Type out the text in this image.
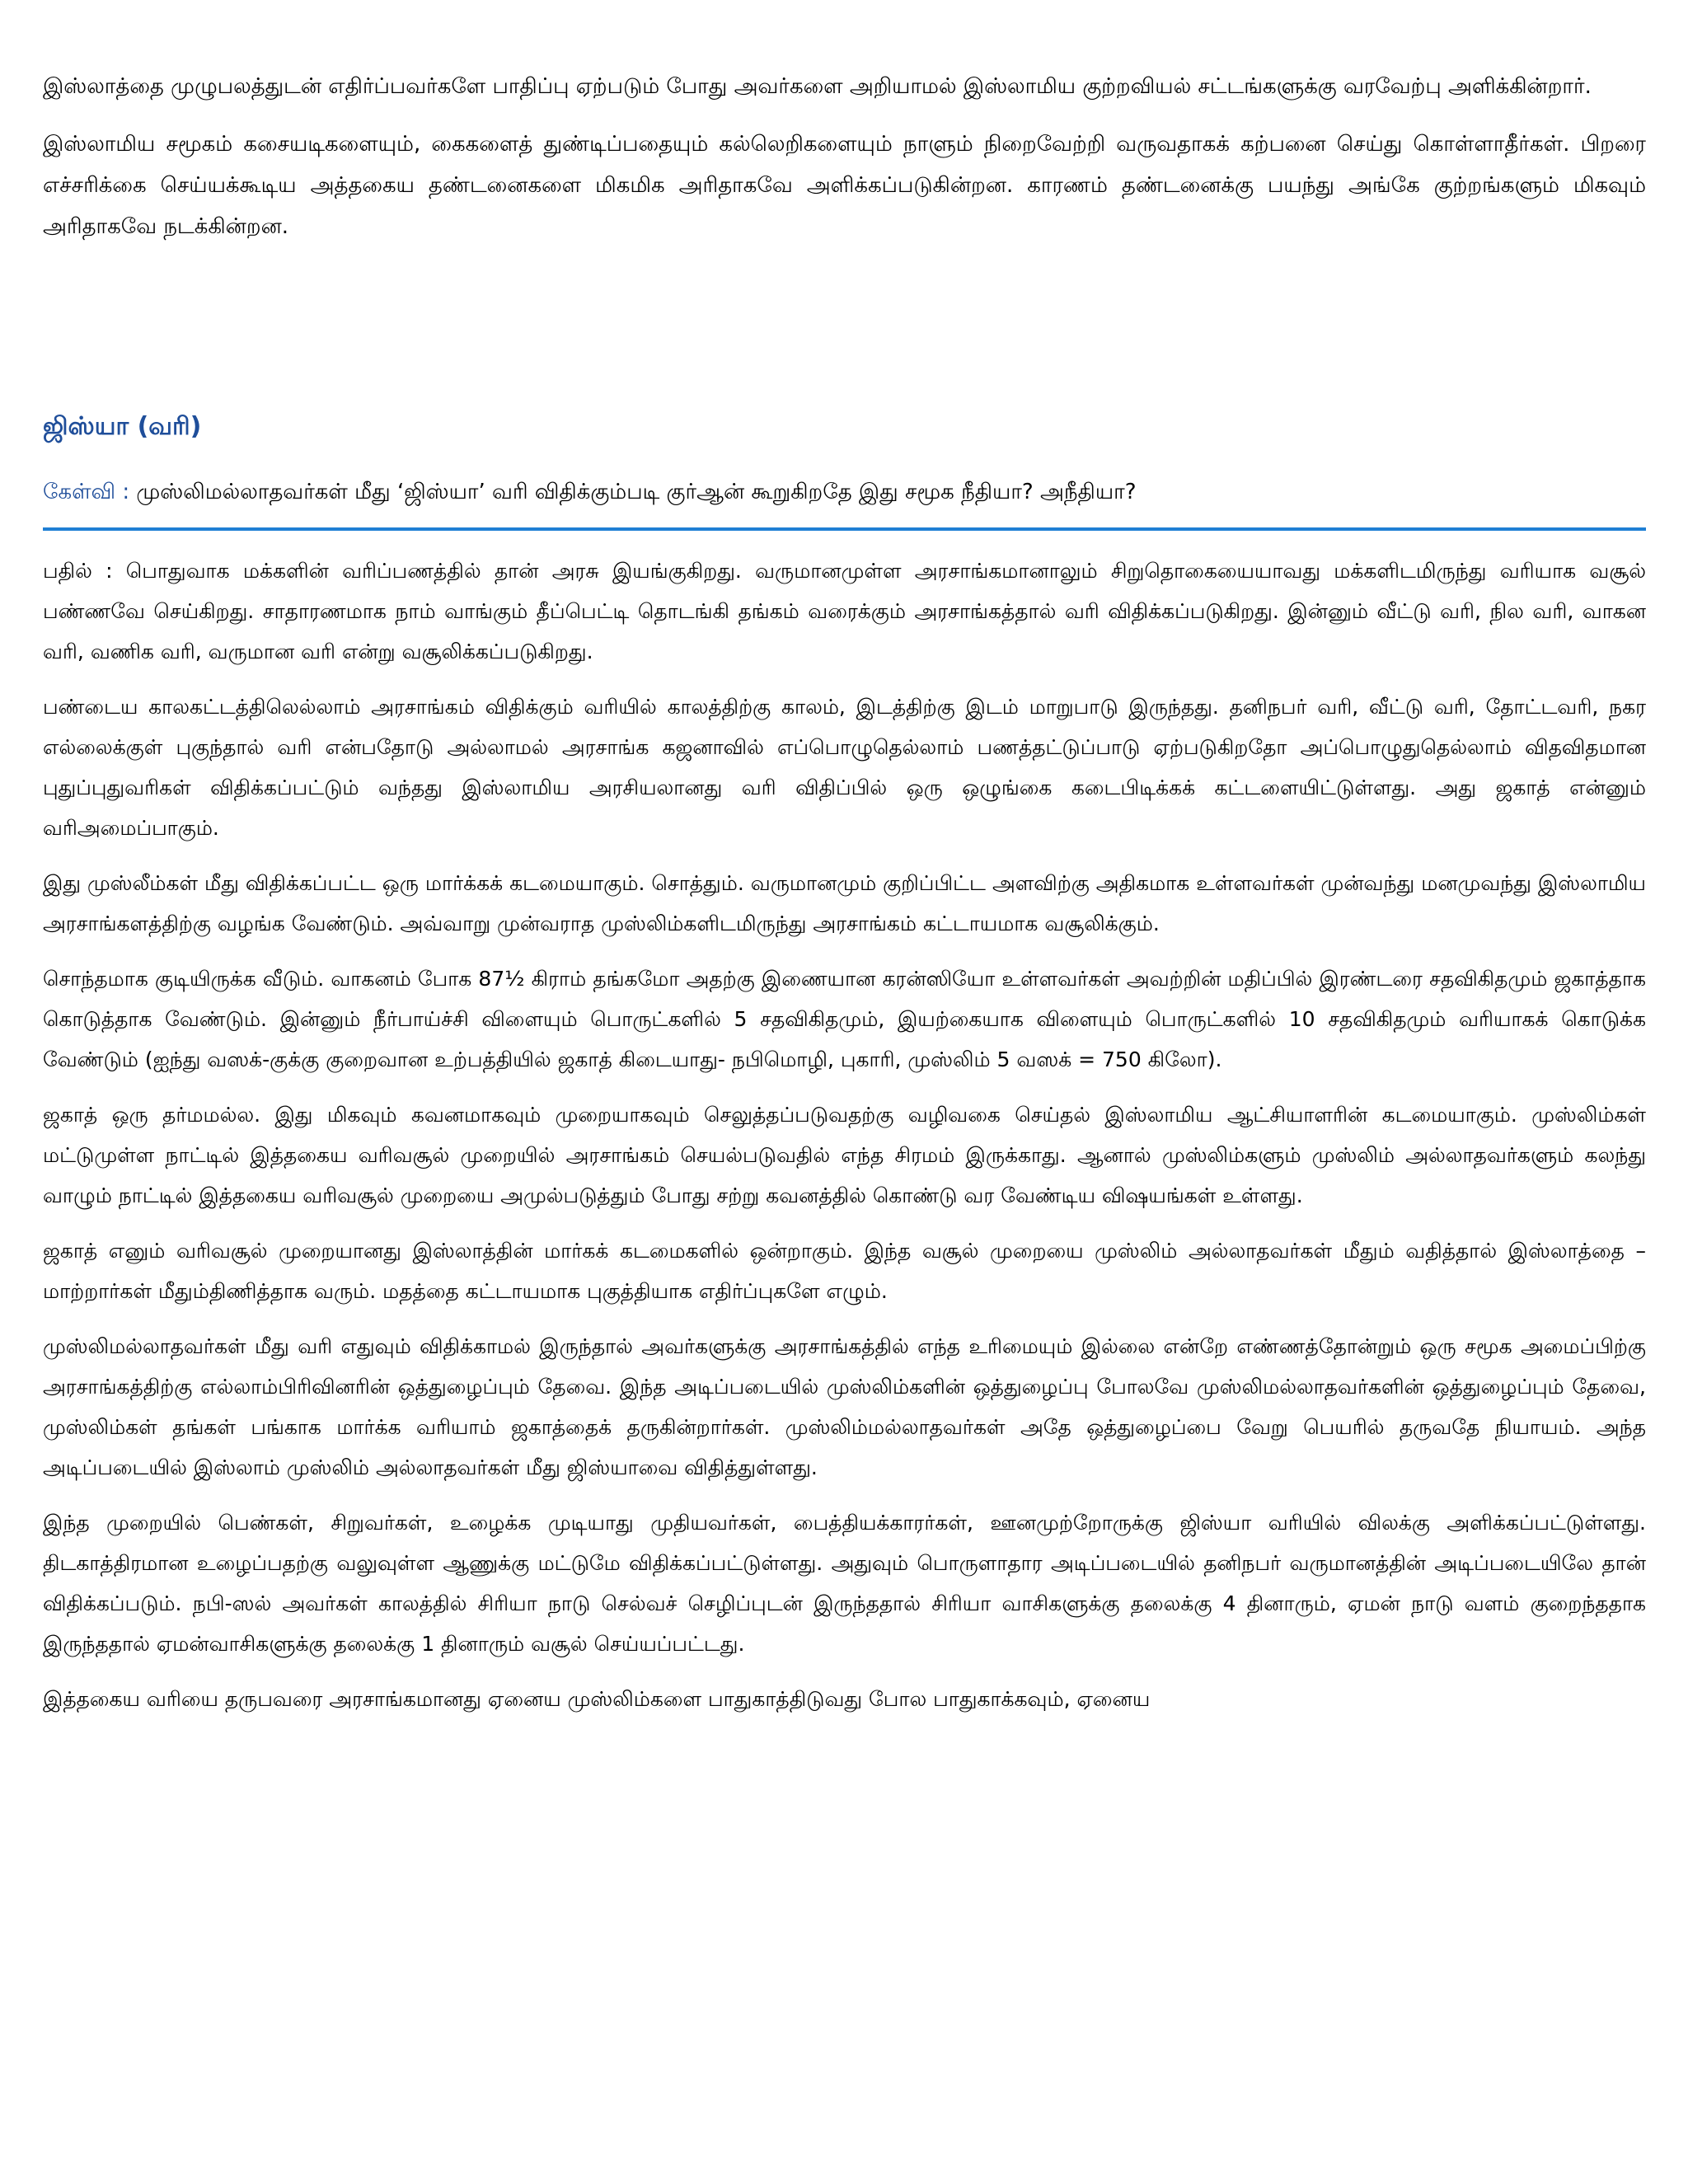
இஸ்லாத்தை முழுபலத்துடன் எதிர்ப்பவர்களே பாதிப்பு ஏற்படும் போது அவர்களை அறியாமல் இஸ்லாமிய குற்றவியல் சட்டங்களுக்கு வரவேற்பு அளிக்கின்றார்.

இஸ்லாமிய சமூகம் கசையடிகளையும், கைகளைத் துண்டிப்பதையும் கல்லெறிகளையும் நாளும் நிறைவேற்றி வருவதாகக் கற்பனை செய்து கொள்ளாதீர்கள். பிறரை எச்சரிக்கை செய்யக்கூடிய அத்தகைய தண்டனைகளை மிகமிக அரிதாகவே அளிக்கப்படுகின்றன. காரணம் தண்டனைக்கு பயந்து அங்கே குற்றங்களும் மிகவும் அரிதாகவே நடக்கின்றன.

ஜிஸ்யா (வரி)

கேள்வி : முஸ்லிமல்லாதவர்கள் மீது ‘ஜிஸ்யா’ வரி விதிக்கும்படி குர்ஆன் கூறுகிறதே இது சமூக நீதியா? அநீதியா?

பதில் : பொதுவாக மக்களின் வரிப்பணத்தில் தான் அரசு இயங்குகிறது. வருமானமுள்ள அரசாங்கமானாலும் சிறுதொகையையாவது மக்களிடமிருந்து வரியாக வசூல் பண்ணவே செய்கிறது. சாதாரணமாக நாம் வாங்கும் தீப்பெட்டி தொடங்கி தங்கம் வரைக்கும் அரசாங்கத்தால் வரி விதிக்கப்படுகிறது. இன்னும் வீட்டு வரி, நில வரி, வாகன வரி, வணிக வரி, வருமான வரி என்று வசூலிக்கப்படுகிறது.

பண்டைய காலகட்டத்திலெல்லாம் அரசாங்கம் விதிக்கும் வரியில் காலத்திற்கு காலம், இடத்திற்கு இடம் மாறுபாடு இருந்தது. தனிநபர் வரி, வீட்டு வரி, தோட்டவரி, நகர எல்லைக்குள் புகுந்தால் வரி என்பதோடு அல்லாமல் அரசாங்க கஜனாவில் எப்பொழுதெல்லாம் பணத்தட்டுப்பாடு ஏற்படுகிறதோ அப்பொழுதுதெல்லாம் விதவிதமான புதுப்புதுவரிகள் விதிக்கப்பட்டும் வந்தது இஸ்லாமிய அரசியலானது வரி விதிப்பில் ஒரு ஒழுங்கை கடைபிடிக்கக் கட்டளையிட்டுள்ளது. அது ஜகாத் என்னும் வரிஅமைப்பாகும்.

இது முஸ்லீம்கள் மீது விதிக்கப்பட்ட ஒரு மார்க்கக் கடமையாகும். சொத்தும். வருமானமும் குறிப்பிட்ட அளவிற்கு அதிகமாக உள்ளவர்கள் முன்வந்து மனமுவந்து இஸ்லாமிய அரசாங்களத்திற்கு வழங்க வேண்டும். அவ்வாறு முன்வராத முஸ்லிம்களிடமிருந்து அரசாங்கம் கட்டாயமாக வசூலிக்கும்.

சொந்தமாக குடியிருக்க வீடும். வாகனம் போக 87½ கிராம் தங்கமோ அதற்கு இணையான கரன்ஸியோ உள்ளவர்கள் அவற்றின் மதிப்பில் இரண்டரை சதவிகிதமும் ஜகாத்தாக கொடுத்தாக வேண்டும். இன்னும் நீர்பாய்ச்சி விளையும் பொருட்களில் 5 சதவிகிதமும், இயற்கையாக விளையும் பொருட்களில் 10 சதவிகிதமும் வரியாகக் கொடுக்க வேண்டும் (ஐந்து வஸக்-குக்கு குறைவான உற்பத்தியில் ஜகாத் கிடையாது- நபிமொழி, புகாரி, முஸ்லிம் 5 வஸக் = 750 கிலோ).

ஜகாத் ஒரு தர்மமல்ல. இது மிகவும் கவனமாகவும் முறையாகவும் செலுத்தப்படுவதற்கு வழிவகை செய்தல் இஸ்லாமிய ஆட்சியாளரின் கடமையாகும். முஸ்லிம்கள் மட்டுமுள்ள நாட்டில் இத்தகைய வரிவசூல் முறையில் அரசாங்கம் செயல்படுவதில் எந்த சிரமம் இருக்காது. ஆனால் முஸ்லிம்களும் முஸ்லிம் அல்லாதவர்களும் கலந்து வாழும் நாட்டில் இத்தகைய வரிவசூல் முறையை அமுல்படுத்தும் போது சற்று கவனத்தில் கொண்டு வர வேண்டிய விஷயங்கள் உள்ளது.

ஜகாத் எனும் வரிவசூல் முறையானது இஸ்லாத்தின் மார்கக் கடமைகளில் ஒன்றாகும். இந்த வசூல் முறையை முஸ்லிம் அல்லாதவர்கள் மீதும் வதித்தால் இஸ்லாத்தை – மாற்றார்கள் மீதும்திணித்தாக வரும். மதத்தை கட்டாயமாக புகுத்தியாக எதிர்ப்புகளே எழும்.

முஸ்லிமல்லாதவர்கள் மீது வரி எதுவும் விதிக்காமல் இருந்தால் அவர்களுக்கு அரசாங்கத்தில் எந்த உரிமையும் இல்லை என்றே எண்ணத்தோன்றும் ஒரு சமூக அமைப்பிற்கு அரசாங்கத்திற்கு எல்லாம்பிரிவினரின் ஒத்துழைப்பும் தேவை. இந்த அடிப்படையில் முஸ்லிம்களின் ஒத்துழைப்பு போலவே முஸ்லிமல்லாதவர்களின் ஒத்துழைப்பும் தேவை, முஸ்லிம்கள் தங்கள் பங்காக மார்க்க வரியாம் ஜகாத்தைக் தருகின்றார்கள். முஸ்லிம்மல்லாதவர்கள் அதே ஒத்துழைப்பை வேறு பெயரில் தருவதே நியாயம். அந்த அடிப்படையில் இஸ்லாம் முஸ்லிம் அல்லாதவர்கள் மீது ஜிஸ்யாவை விதித்துள்ளது.

இந்த முறையில் பெண்கள், சிறுவர்கள், உழைக்க முடியாது முதியவர்கள், பைத்தியக்காரர்கள், ஊனமுற்றோருக்கு ஜிஸ்யா வரியில் விலக்கு அளிக்கப்பட்டுள்ளது. திடகாத்திரமான உழைப்பதற்கு வலுவுள்ள ஆணுக்கு மட்டுமே விதிக்கப்பட்டுள்ளது. அதுவும் பொருளாதார அடிப்படையில் தனிநபர் வருமானத்தின் அடிப்படையிலே தான் விதிக்கப்படும். நபி-ஸல் அவர்கள் காலத்தில் சிரியா நாடு செல்வச் செழிப்புடன் இருந்ததால் சிரியா வாசிகளுக்கு தலைக்கு 4 தினாரும், ஏமன் நாடு வளம் குறைந்ததாக இருந்ததால் ஏமன்வாசிகளுக்கு தலைக்கு 1 தினாரும் வசூல் செய்யப்பட்டது.

இத்தகைய வரியை தருபவரை அரசாங்கமானது ஏனைய முஸ்லிம்களை பாதுகாத்திடுவது போல பாதுகாக்கவும், ஏனைய
